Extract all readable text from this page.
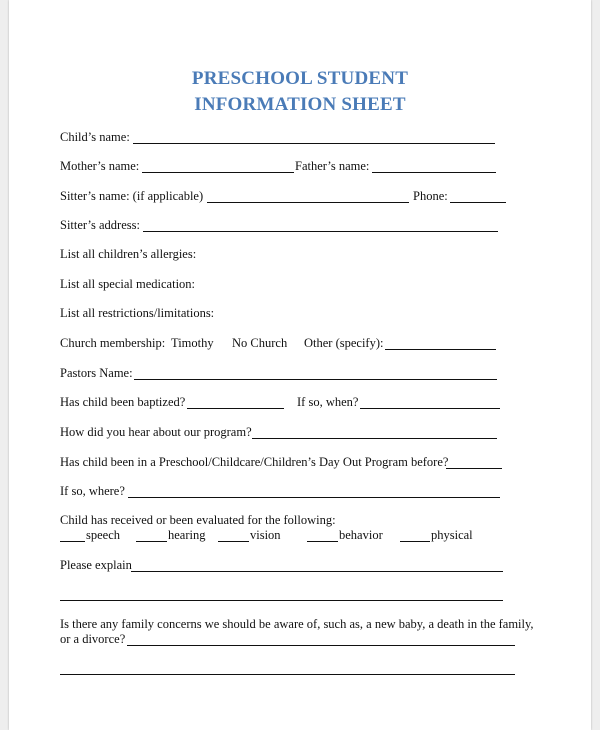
PRESCHOOL STUDENT
INFORMATION SHEET
Child’s name:
Mother’s name:	Father’s name:
Sitter’s name: (if applicable)	Phone:
Sitter’s address:
List all children’s allergies:
List all special medication:
List all restrictions/limitations:
Church membership: Timothy No Church Other (specify):
Pastors Name:
Has child been baptized?	If so, when?
How did you hear about our program?
Has child been in a Preschool/Childcare/Children’s Day Out Program before?
If so, where?
Child has received or been evaluated for the following:
speech	hearing	vision	behavior	physical
Please explain
Is there any family concerns we should be aware of, such as, a new baby, a death in the family,
or a divorce?
